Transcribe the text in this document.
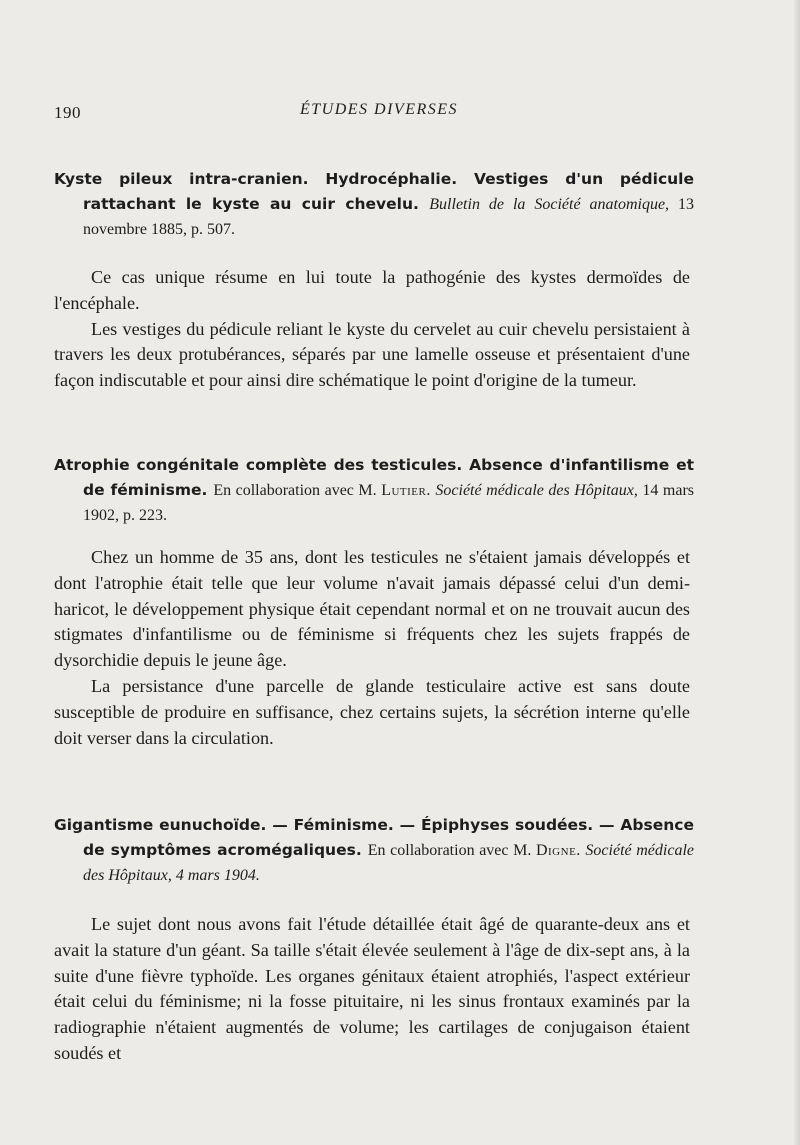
190	ÉTUDES DIVERSES
Kyste pileux intra-cranien. Hydrocéphalie. Vestiges d'un pédicule rattachant le kyste au cuir chevelu. Bulletin de la Société anatomique, 13 novembre 1885, p. 507.

Ce cas unique résume en lui toute la pathogénie des kystes dermoïdes de l'encéphale.

Les vestiges du pédicule reliant le kyste du cervelet au cuir chevelu persistaient à travers les deux protubérances, séparés par une lamelle osseuse et présentaient d'une façon indiscutable et pour ainsi dire schématique le point d'origine de la tumeur.

Atrophie congénitale complète des testicules. Absence d'infantilisme et de féminisme. En collaboration avec M. Lutier. Société médicale des Hôpitaux, 14 mars 1902, p. 223.

Chez un homme de 35 ans, dont les testicules ne s'étaient jamais développés et dont l'atrophie était telle que leur volume n'avait jamais dépassé celui d'un demi-haricot, le développement physique était cependant normal et on ne trouvait aucun des stigmates d'infantilisme ou de féminisme si fréquents chez les sujets frappés de dysorchidie depuis le jeune âge.

La persistance d'une parcelle de glande testiculaire active est sans doute susceptible de produire en suffisance, chez certains sujets, la sécrétion interne qu'elle doit verser dans la circulation.

Gigantisme eunuchoïde. — Féminisme. — Épiphyses soudées. — Absence de symptômes acromégaliques. En collaboration avec M. Digne. Société médicale des Hôpitaux, 4 mars 1904.

Le sujet dont nous avons fait l'étude détaillée était âgé de quarante-deux ans et avait la stature d'un géant. Sa taille s'était élevée seulement à l'âge de dix-sept ans, à la suite d'une fièvre typhoïde. Les organes génitaux étaient atrophiés, l'aspect extérieur était celui du féminisme; ni la fosse pituitaire, ni les sinus frontaux examinés par la radiographie n'étaient augmentés de volume; les cartilages de conjugaison étaient soudés et
